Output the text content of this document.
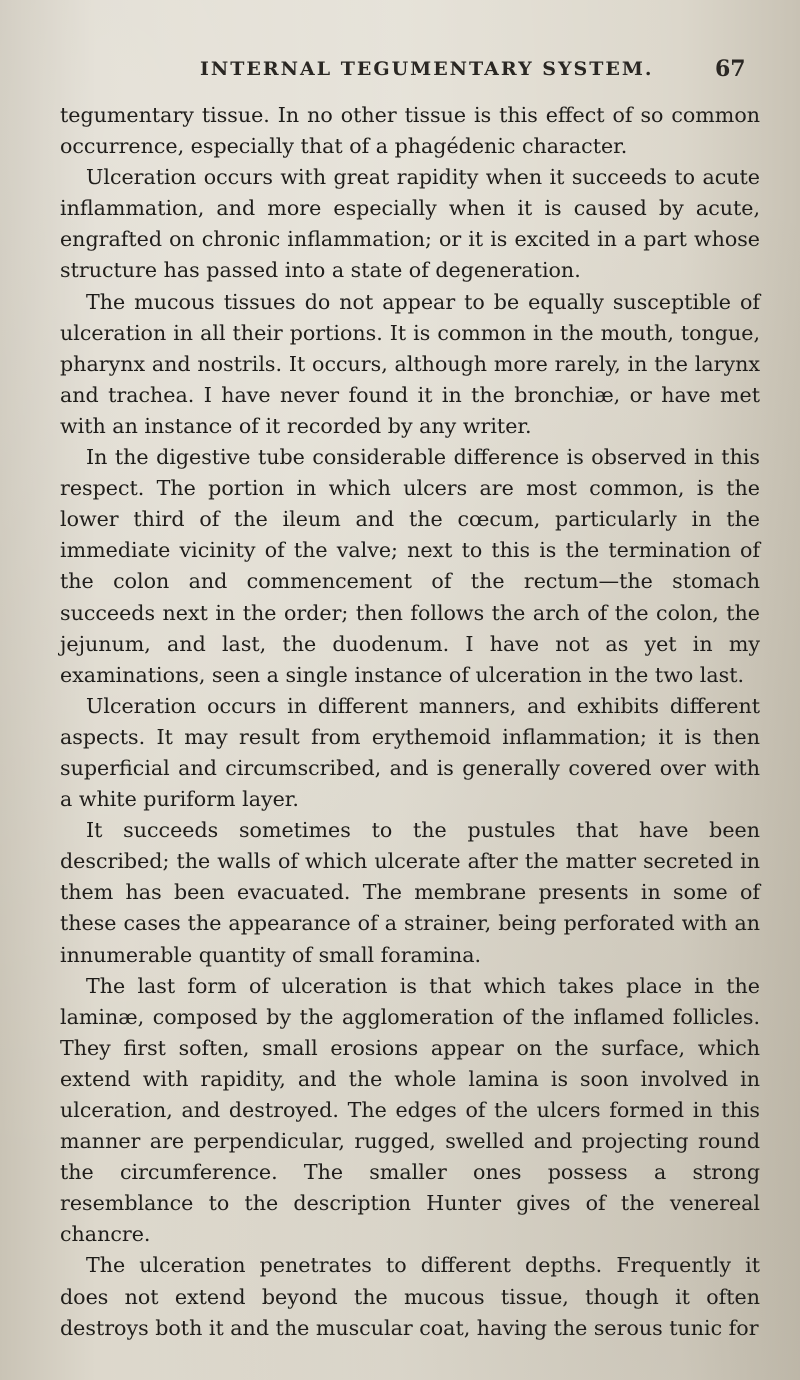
INTERNAL TEGUMENTARY SYSTEM.	67

tegumentary tissue. In no other tissue is this effect of so common occurrence, especially that of a phagédenic character.

Ulceration occurs with great rapidity when it succeeds to acute inflammation, and more especially when it is caused by acute, engrafted on chronic inflammation; or it is excited in a part whose structure has passed into a state of degeneration.

The mucous tissues do not appear to be equally susceptible of ulceration in all their portions. It is common in the mouth, tongue, pharynx and nostrils. It occurs, although more rarely, in the larynx and trachea. I have never found it in the bronchiæ, or have met with an instance of it recorded by any writer.

In the digestive tube considerable difference is observed in this respect. The portion in which ulcers are most common, is the lower third of the ileum and the cœcum, particularly in the immediate vicinity of the valve; next to this is the termination of the colon and commencement of the rectum—the stomach succeeds next in the order; then follows the arch of the colon, the jejunum, and last, the duodenum. I have not as yet in my examinations, seen a single instance of ulceration in the two last.

Ulceration occurs in different manners, and exhibits different aspects. It may result from erythemoid inflammation; it is then superficial and circumscribed, and is generally covered over with a white puriform layer.

It succeeds sometimes to the pustules that have been described; the walls of which ulcerate after the matter secreted in them has been evacuated. The membrane presents in some of these cases the appearance of a strainer, being perforated with an innumerable quantity of small foramina.

The last form of ulceration is that which takes place in the laminæ, composed by the agglomeration of the inflamed follicles. They first soften, small erosions appear on the surface, which extend with rapidity, and the whole lamina is soon involved in ulceration, and destroyed. The edges of the ulcers formed in this manner are perpendicular, rugged, swelled and projecting round the circumference. The smaller ones possess a strong resemblance to the description Hunter gives of the venereal chancre.

The ulceration penetrates to different depths. Frequently it does not extend beyond the mucous tissue, though it often destroys both it and the muscular coat, having the serous tunic for
